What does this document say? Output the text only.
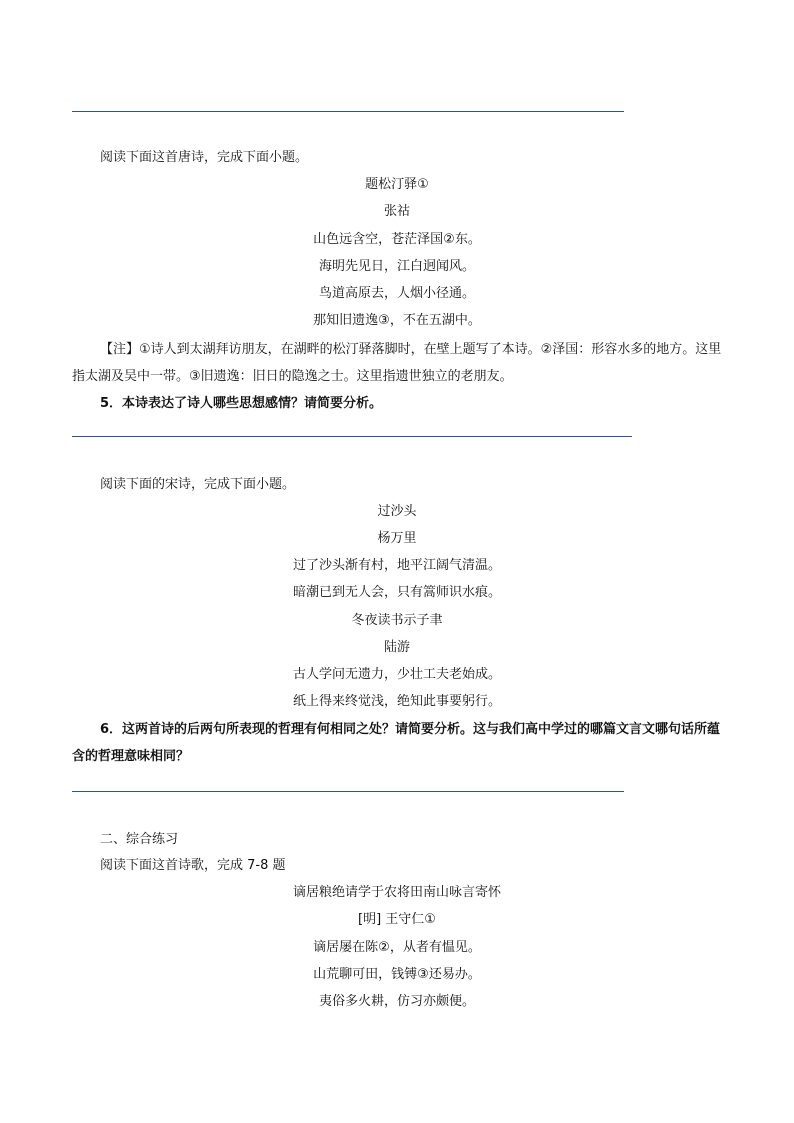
阅读下面这首唐诗，完成下面小题。
题松汀驿①
张祜
山色远含空，苍茫泽国②东。
海明先见日，江白迥闻风。
鸟道高原去，人烟小径通。
那知旧遗逸③，不在五湖中。
【注】①诗人到太湖拜访朋友，在湖畔的松汀驿落脚时，在壁上题写了本诗。②泽国：形容水多的地方。这里指太湖及吴中一带。③旧遗逸：旧日的隐逸之士。这里指遗世独立的老朋友。
5．本诗表达了诗人哪些思想感情？请简要分析。
阅读下面的宋诗，完成下面小题。
过沙头
杨万里
过了沙头渐有村，地平江阔气清温。
暗潮已到无人会，只有篙师识水痕。
冬夜读书示子聿
陆游
古人学问无遗力，少壮工夫老始成。
纸上得来终觉浅，绝知此事要躬行。
6．这两首诗的后两句所表现的哲理有何相同之处？请简要分析。这与我们高中学过的哪篇文言文哪句话所蕴含的哲理意味相同？
二、综合练习
阅读下面这首诗歌，完成 7-8 题
谪居粮绝请学于农将田南山咏言寄怀
[明] 王守仁①
谪居屡在陈②，从者有愠见。
山荒聊可田，钱镈③还易办。
夷俗多火耕，仿习亦颇便。
